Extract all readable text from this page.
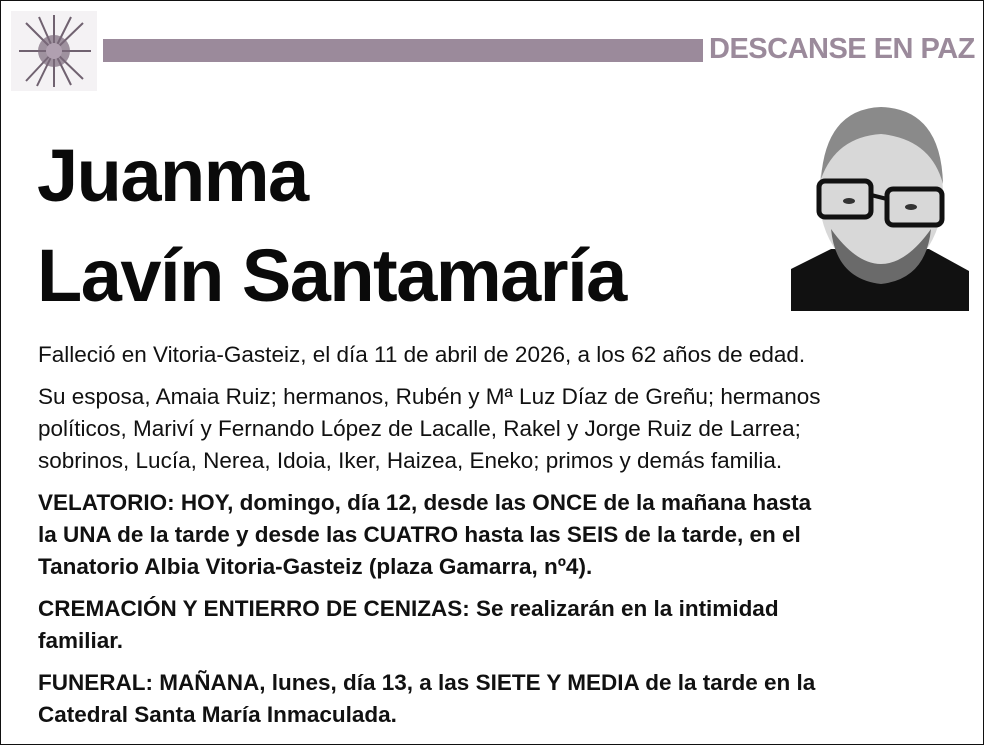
DESCANSE EN PAZ
Juanma
Lavín Santamaría
Falleció en Vitoria-Gasteiz, el día 11 de abril de 2026, a los 62 años de edad.
Su esposa, Amaia Ruiz; hermanos, Rubén y Mª Luz Díaz de Greñu; hermanos
políticos, Mariví y Fernando López de Lacalle, Rakel y Jorge Ruiz de Larrea;
sobrinos, Lucía, Nerea, Idoia, Iker, Haizea, Eneko; primos y demás familia.
VELATORIO: HOY, domingo, día 12, desde las ONCE de la mañana hasta
la UNA de la tarde y desde las CUATRO hasta las SEIS de la tarde, en el
Tanatorio Albia Vitoria-Gasteiz (plaza Gamarra, nº4).
CREMACIÓN Y ENTIERRO DE CENIZAS: Se realizarán en la intimidad
familiar.
FUNERAL: MAÑANA, lunes, día 13, a las SIETE Y MEDIA de la tarde en la
Catedral Santa María Inmaculada.
